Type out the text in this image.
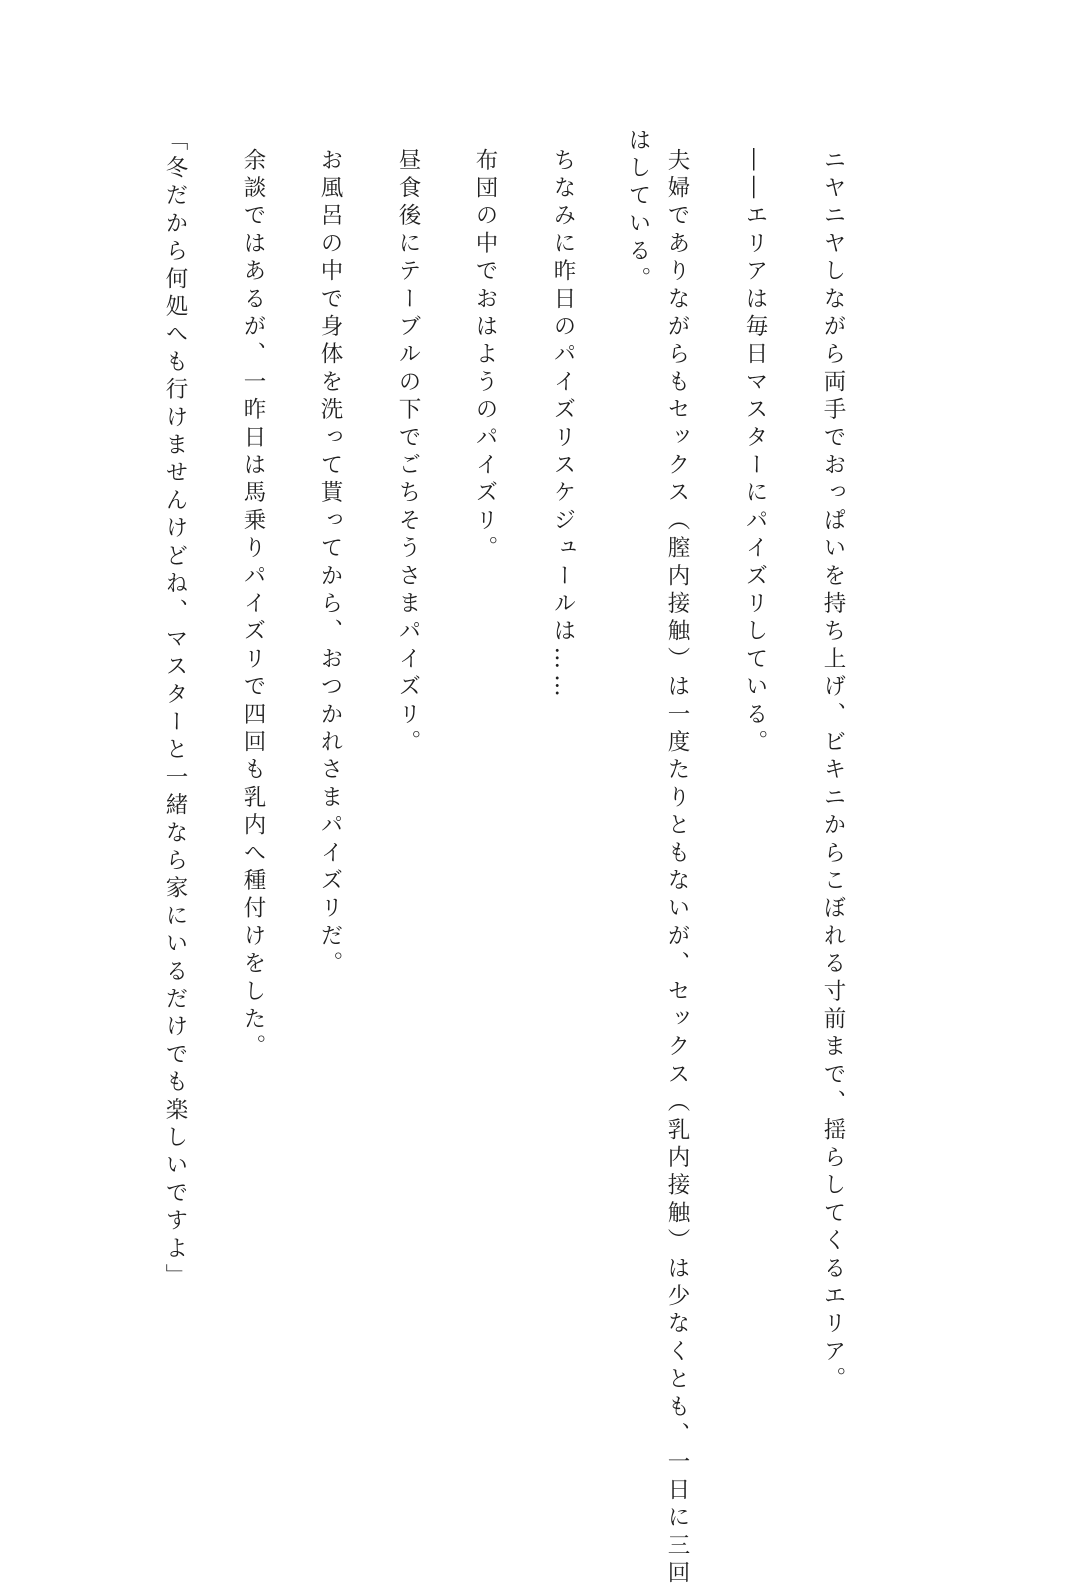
ニヤニヤしながら両手でおっぱいを持ち上げ、ビキニからこぼれる寸前まで、揺らしてくるエリア。
――エリアは毎日マスターにパイズリしている。
夫婦でありながらもセックス（膣内接触）は一度たりともないが、セックス（乳内接触）は少なくとも、一日に三回
はしている。
ちなみに昨日のパイズリスケジュールは……
布団の中でおはようのパイズリ。
昼食後にテーブルの下でごちそうさまパイズリ。
お風呂の中で身体を洗って貰ってから、おつかれさまパイズリだ。
余談ではあるが、一昨日は馬乗りパイズリで四回も乳内へ種付けをした。
「冬だから何処へも行けませんけどね、マスターと一緒なら家にいるだけでも楽しいですよ」
